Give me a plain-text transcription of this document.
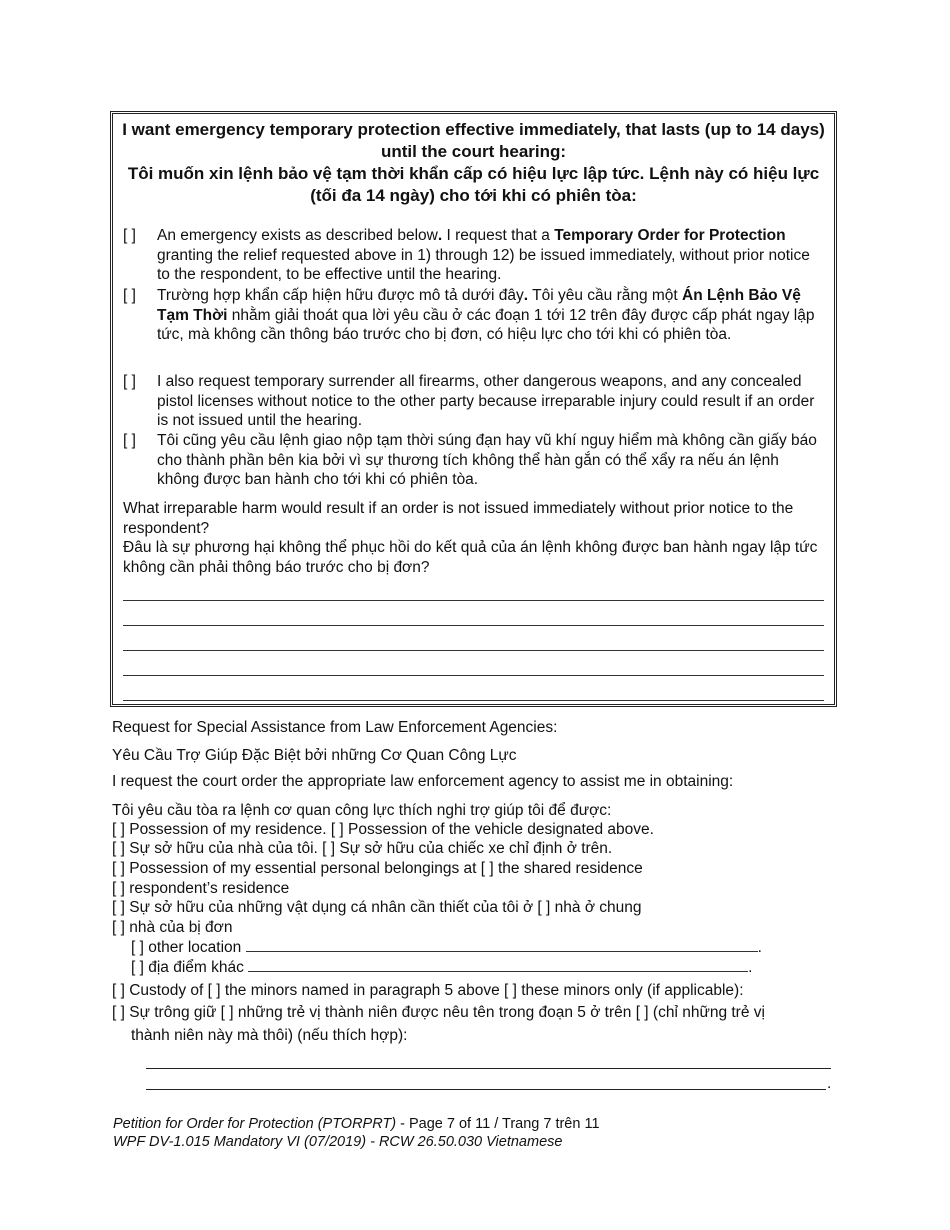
I want emergency temporary protection effective immediately, that lasts (up to 14 days) until the court hearing:
Tôi muốn xin lệnh bảo vệ tạm thời khẩn cấp có hiệu lực lập tức. Lệnh này có hiệu lực (tối đa 14 ngày) cho tới khi có phiên tòa:
[ ]	An emergency exists as described below. I request that a Temporary Order for Protection granting the relief requested above in 1) through 12) be issued immediately, without prior notice to the respondent, to be effective until the hearing.
[ ]	Trường hợp khẩn cấp hiện hữu được mô tả dưới đây. Tôi yêu cầu rằng một Án Lệnh Bảo Vệ Tạm Thời nhằm giải thoát qua lời yêu cầu ở các đoạn 1 tới 12 trên đây được cấp phát ngay lập tức, mà không cần thông báo trước cho bị đơn, có hiệu lực cho tới khi có phiên tòa.
[ ]	I also request temporary surrender all firearms, other dangerous weapons, and any concealed pistol licenses without notice to the other party because irreparable injury could result if an order is not issued until the hearing.
[ ]	Tôi cũng yêu cầu lệnh giao nộp tạm thời súng đạn hay vũ khí nguy hiểm mà không cần giấy báo cho thành phần bên kia bởi vì sự thương tích không thể hàn gắn có thể xẩy ra nếu án lệnh không được ban hành cho tới khi có phiên tòa.
What irreparable harm would result if an order is not issued immediately without prior notice to the respondent?
Đâu là sự phương hại không thể phục hồi do kết quả của án lệnh không được ban hành ngay lập tức không cần phải thông báo trước cho bị đơn?
Request for Special Assistance from Law Enforcement Agencies:
Yêu Cầu Trợ Giúp Đặc Biệt bởi những Cơ Quan Công Lực
I request the court order the appropriate law enforcement agency to assist me in obtaining:
Tôi yêu cầu tòa ra lệnh cơ quan công lực thích nghi trợ giúp tôi để được:
[ ] Possession of my residence. [ ] Possession of the vehicle designated above.
[ ] Sự sở hữu của nhà của tôi. [ ] Sự sở hữu của chiếc xe chỉ định ở trên.
[ ] Possession of my essential personal belongings at [ ] the shared residence
[ ] respondent’s residence
[ ] Sự sở hữu của những vật dụng cá nhân cần thiết của tôi ở [ ] nhà ở chung
[ ] nhà của bị đơn
[ ] other location	.
[ ] địa điểm khác	.
[ ] Custody of [ ] the minors named in paragraph 5 above [ ] these minors only (if applicable):
[ ] Sự trông giữ [ ] những trẻ vị thành niên được nêu tên trong đoạn 5 ở trên [ ] (chỉ những trẻ vị
thành niên này mà thôi) (nếu thích hợp):
.
Petition for Order for Protection (PTORPRT) - Page 7 of 11 / Trang 7 trên 11
WPF DV-1.015 Mandatory VI (07/2019) - RCW 26.50.030 Vietnamese
